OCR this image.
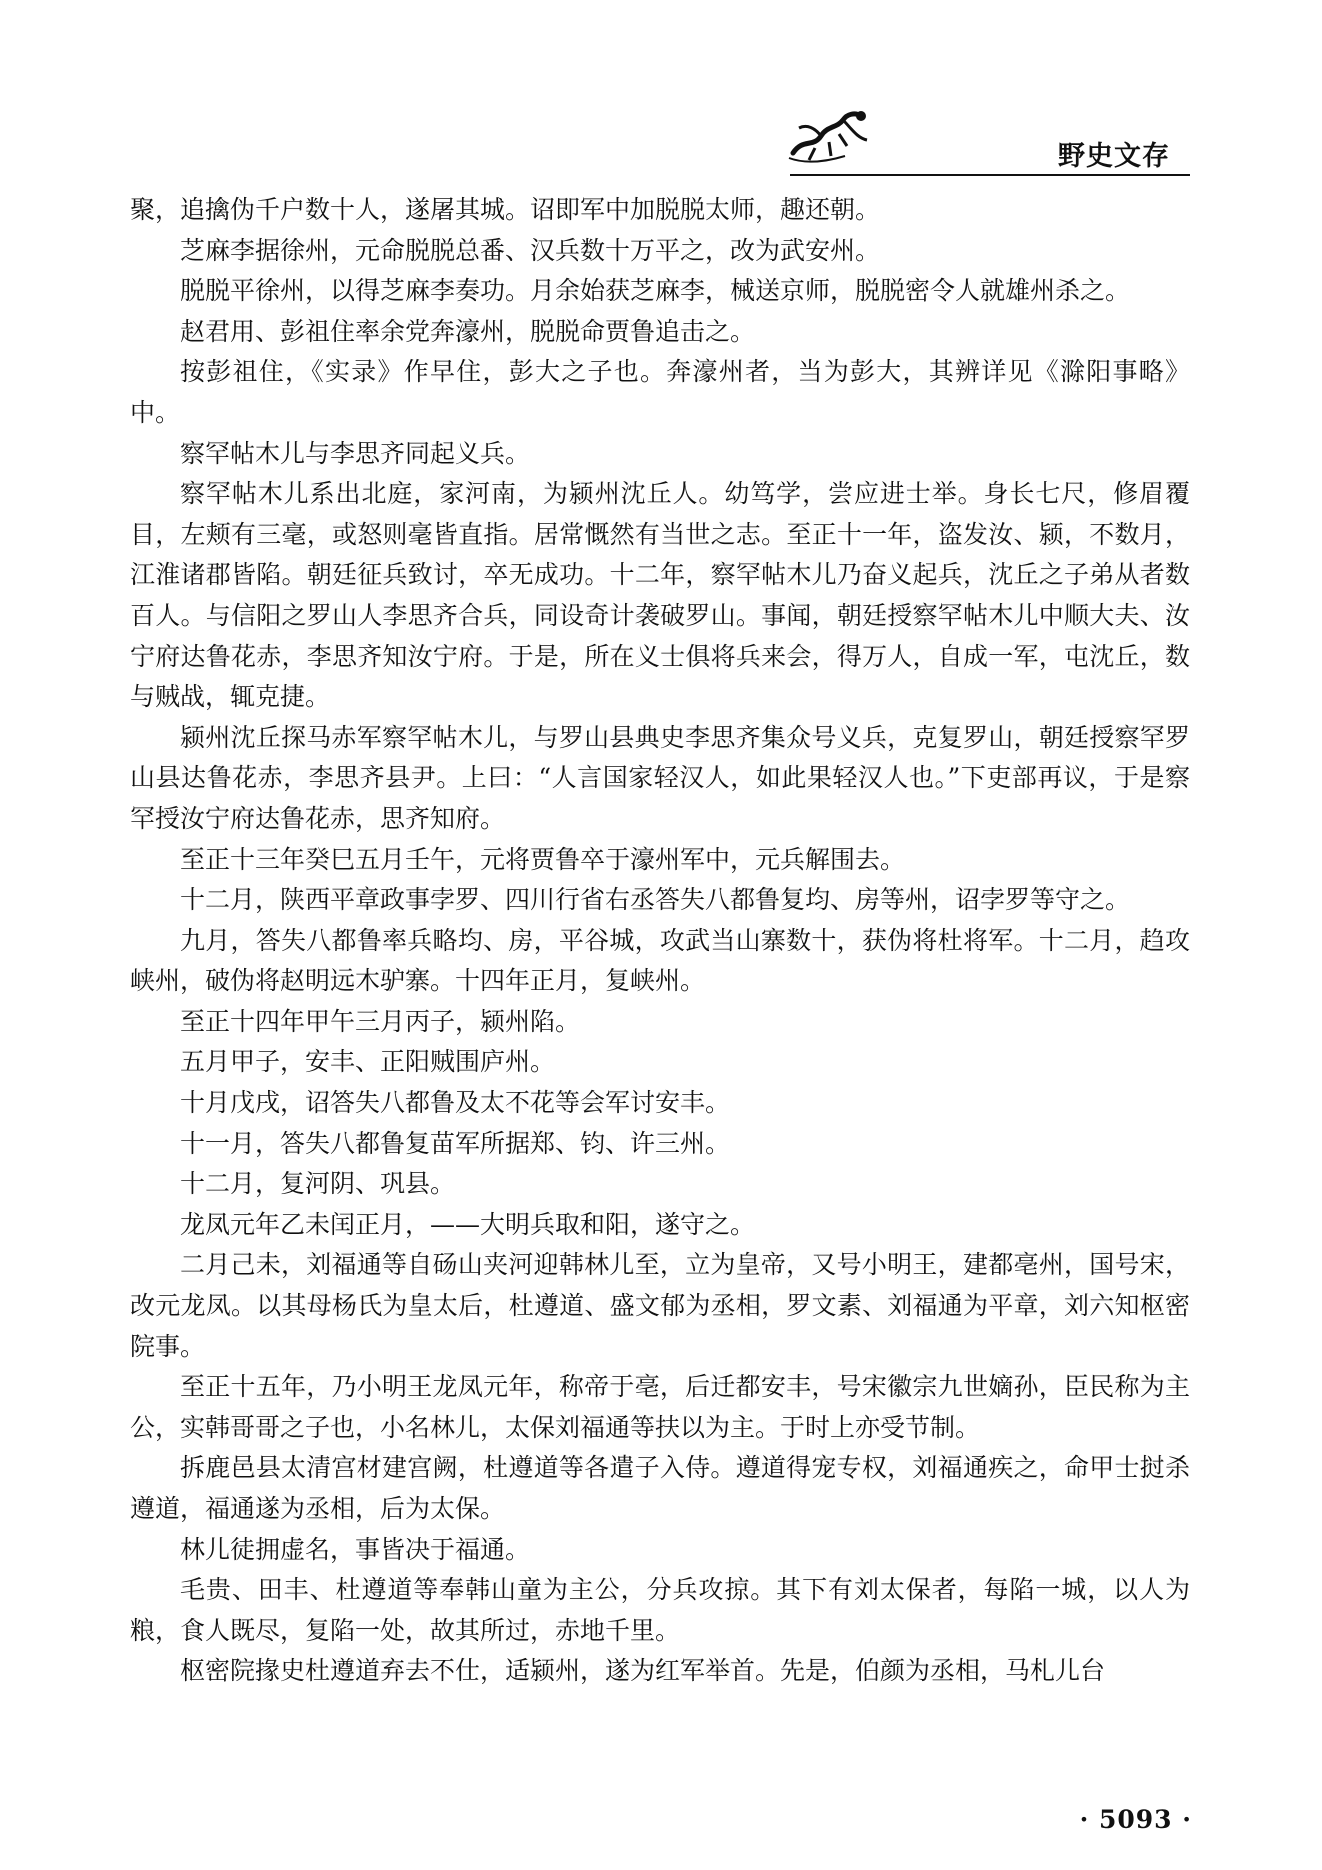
野史文存

聚，追擒伪千户数十人，遂屠其城。诏即军中加脱脱太师，趣还朝。

芝麻李据徐州，元命脱脱总番、汉兵数十万平之，改为武安州。

脱脱平徐州，以得芝麻李奏功。月余始获芝麻李，械送京师，脱脱密令人就雄州杀之。

赵君用、彭祖住率余党奔濠州，脱脱命贾鲁追击之。

按彭祖住，《实录》作早住，彭大之子也。奔濠州者，当为彭大，其辨详见《滁阳事略》中。

察罕帖木儿与李思齐同起义兵。

察罕帖木儿系出北庭，家河南，为颍州沈丘人。幼笃学，尝应进士举。身长七尺，修眉覆目，左颊有三毫，或怒则毫皆直指。居常慨然有当世之志。至正十一年，盗发汝、颍，不数月，江淮诸郡皆陷。朝廷征兵致讨，卒无成功。十二年，察罕帖木儿乃奋义起兵，沈丘之子弟从者数百人。与信阳之罗山人李思齐合兵，同设奇计袭破罗山。事闻，朝廷授察罕帖木儿中顺大夫、汝宁府达鲁花赤，李思齐知汝宁府。于是，所在义士俱将兵来会，得万人，自成一军，屯沈丘，数与贼战，辄克捷。

颍州沈丘探马赤军察罕帖木儿，与罗山县典史李思齐集众号义兵，克复罗山，朝廷授察罕罗山县达鲁花赤，李思齐县尹。上曰：“人言国家轻汉人，如此果轻汉人也。”下吏部再议，于是察罕授汝宁府达鲁花赤，思齐知府。

至正十三年癸巳五月壬午，元将贾鲁卒于濠州军中，元兵解围去。

十二月，陕西平章政事孛罗、四川行省右丞答失八都鲁复均、房等州，诏孛罗等守之。

九月，答失八都鲁率兵略均、房，平谷城，攻武当山寨数十，获伪将杜将军。十二月，趋攻峡州，破伪将赵明远木驴寨。十四年正月，复峡州。

至正十四年甲午三月丙子，颍州陷。

五月甲子，安丰、正阳贼围庐州。

十月戊戌，诏答失八都鲁及太不花等会军讨安丰。

十一月，答失八都鲁复苗军所据郑、钧、许三州。

十二月，复河阴、巩县。

龙凤元年乙未闰正月，——大明兵取和阳，遂守之。

二月己未，刘福通等自砀山夹河迎韩林儿至，立为皇帝，又号小明王，建都亳州，国号宋，改元龙凤。以其母杨氏为皇太后，杜遵道、盛文郁为丞相，罗文素、刘福通为平章，刘六知枢密院事。

至正十五年，乃小明王龙凤元年，称帝于亳，后迁都安丰，号宋徽宗九世嫡孙，臣民称为主公，实韩哥哥之子也，小名林儿，太保刘福通等扶以为主。于时上亦受节制。

拆鹿邑县太清宫材建宫阙，杜遵道等各遣子入侍。遵道得宠专权，刘福通疾之，命甲士挝杀遵道，福通遂为丞相，后为太保。

林儿徒拥虚名，事皆决于福通。

毛贵、田丰、杜遵道等奉韩山童为主公，分兵攻掠。其下有刘太保者，每陷一城，以人为粮，食人既尽，复陷一处，故其所过，赤地千里。

枢密院掾史杜遵道弃去不仕，适颍州，遂为红军举首。先是，伯颜为丞相，马札儿台

· 5093 ·
